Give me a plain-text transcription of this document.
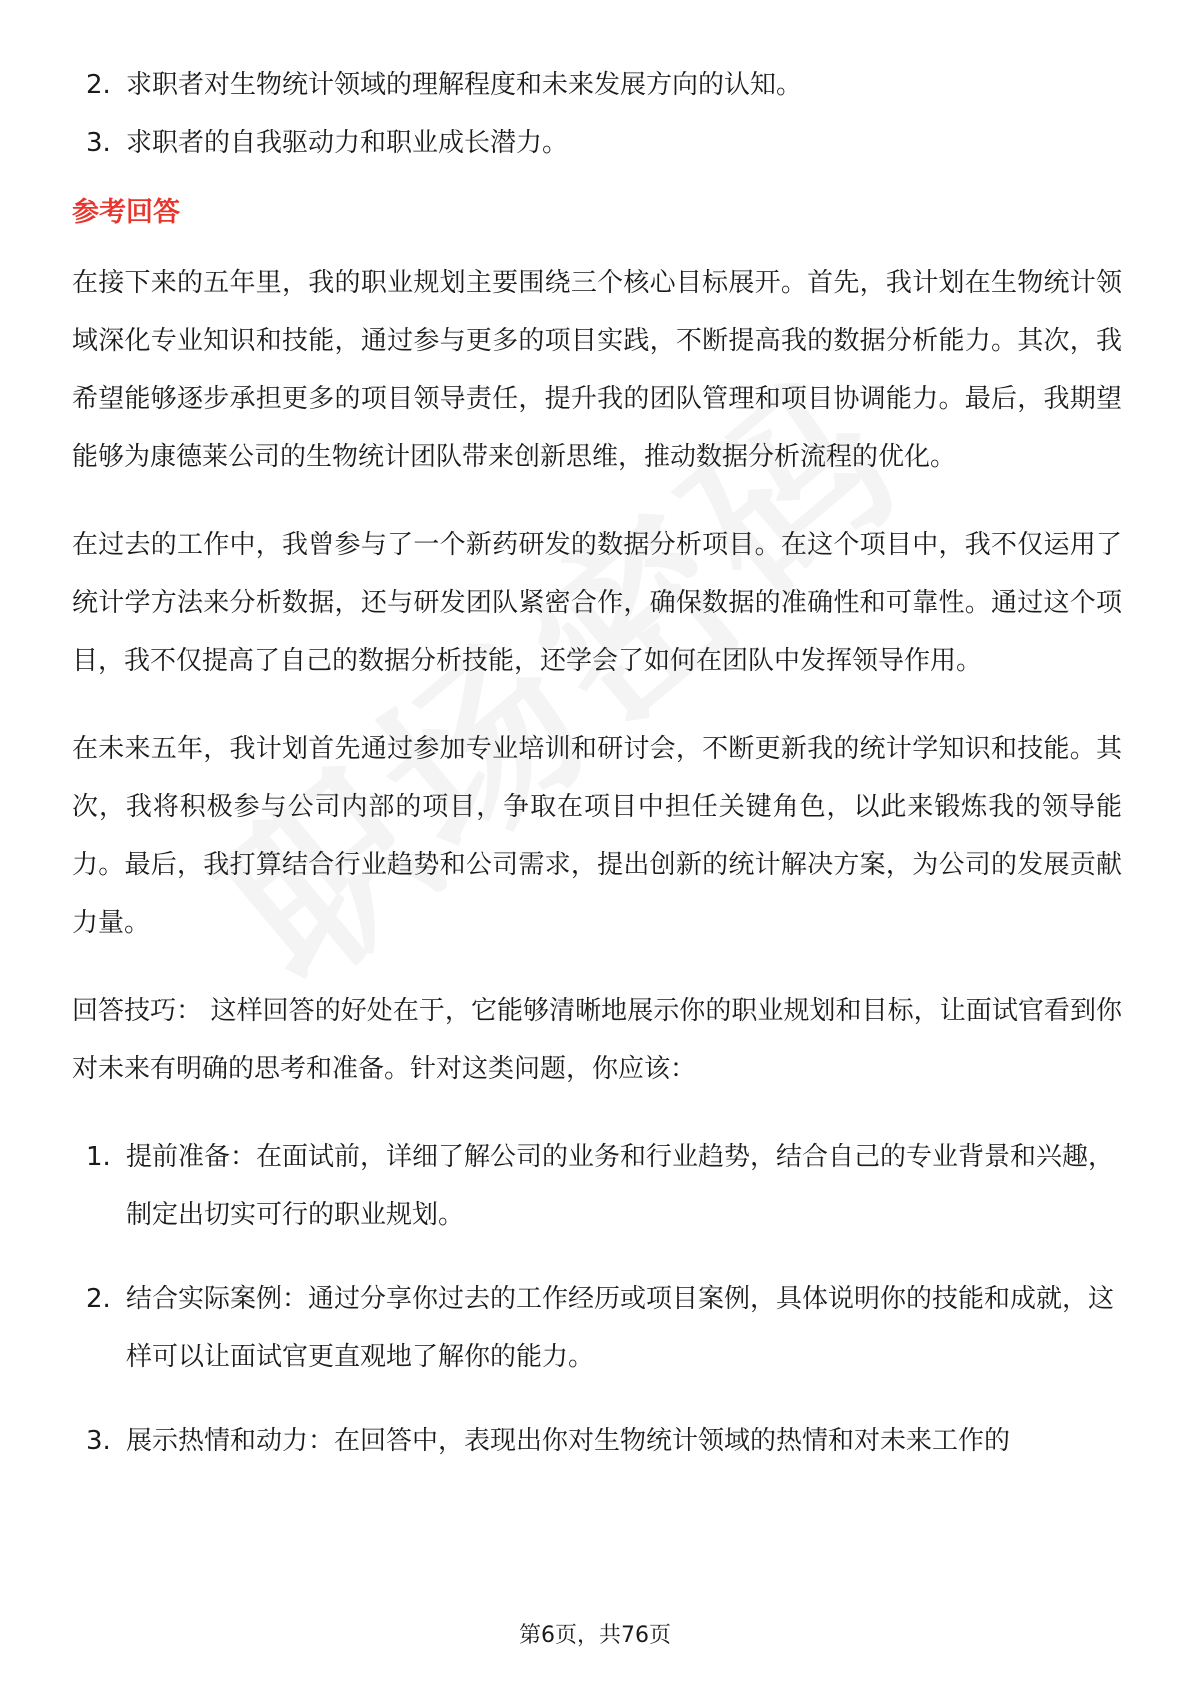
2. 求职者对生物统计领域的理解程度和未来发展方向的认知。
3. 求职者的自我驱动力和职业成长潜力。
参考回答

在接下来的五年里，我的职业规划主要围绕三个核心目标展开。首先，我计划在生物统计领域深化专业知识和技能，通过参与更多的项目实践，不断提高我的数据分析能力。其次，我希望能够逐步承担更多的项目领导责任，提升我的团队管理和项目协调能力。最后，我期望能够为康德莱公司的生物统计团队带来创新思维，推动数据分析流程的优化。

在过去的工作中，我曾参与了一个新药研发的数据分析项目。在这个项目中，我不仅运用了统计学方法来分析数据，还与研发团队紧密合作，确保数据的准确性和可靠性。通过这个项目，我不仅提高了自己的数据分析技能，还学会了如何在团队中发挥领导作用。

在未来五年，我计划首先通过参加专业培训和研讨会，不断更新我的统计学知识和技能。其次，我将积极参与公司内部的项目，争取在项目中担任关键角色，以此来锻炼我的领导能力。最后，我打算结合行业趋势和公司需求，提出创新的统计解决方案，为公司的发展贡献力量。

回答技巧： 这样回答的好处在于，它能够清晰地展示你的职业规划和目标，让面试官看到你对未来有明确的思考和准备。针对这类问题，你应该：

1. 提前准备：在面试前，详细了解公司的业务和行业趋势，结合自己的专业背景和兴趣，制定出切实可行的职业规划。
2. 结合实际案例：通过分享你过去的工作经历或项目案例，具体说明你的技能和成就，这样可以让面试官更直观地了解你的能力。
3. 展示热情和动力：在回答中，表现出你对生物统计领域的热情和对未来工作的
第6页，共76页
